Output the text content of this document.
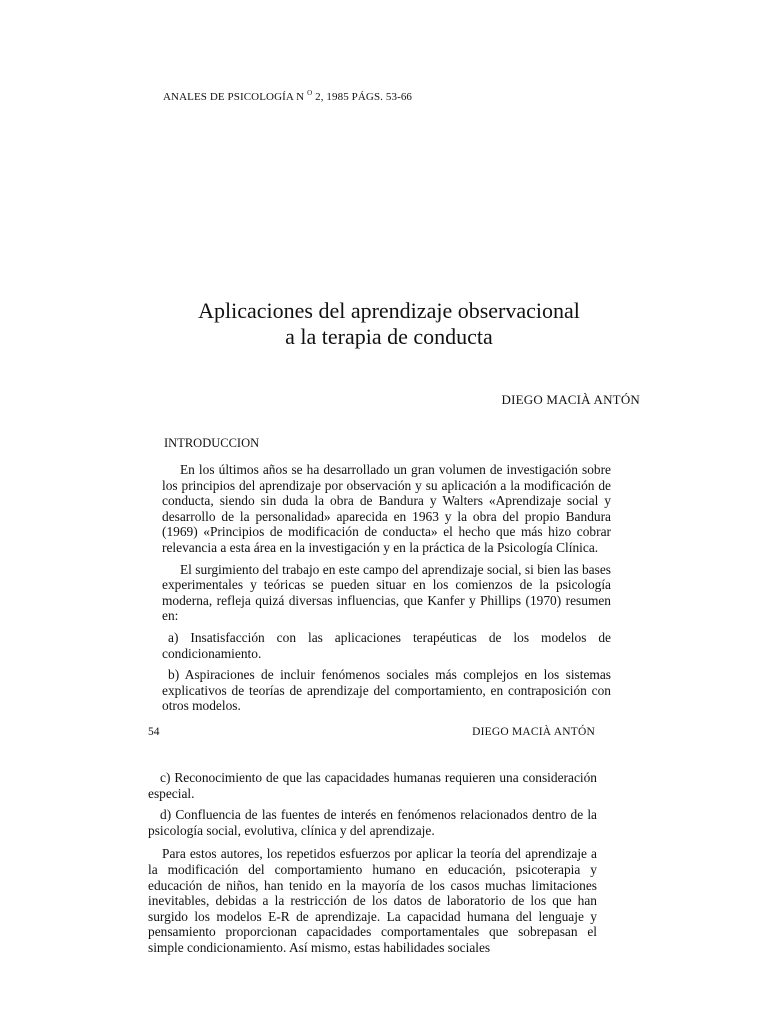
ANALES DE PSICOLOGÍA N $^O$ 2, 1985 PÁGS. 53-66
Aplicaciones del aprendizaje observacional
a la terapia de conducta
DIEGO MACIÀ ANTÓN
INTRODUCCION

En los últimos años se ha desarrollado un gran volumen de investigación sobre los principios del aprendizaje por observación y su aplicación a la modificación de conducta, siendo sin duda la obra de Bandura y Walters «Aprendizaje social y desarrollo de la personalidad» aparecida en 1963 y la obra del propio Bandura (1969) «Principios de modificación de conducta» el hecho que más hizo cobrar relevancia a esta área en la investigación y en la práctica de la Psicología Clínica.

El surgimiento del trabajo en este campo del aprendizaje social, si bien las bases experimentales y teóricas se pueden situar en los comienzos de la psicología moderna, refleja quizá diversas influencias, que Kanfer y Phillips (1970) resumen en:

a) Insatisfacción con las aplicaciones terapéuticas de los modelos de condicionamiento.

b) Aspiraciones de incluir fenómenos sociales más complejos en los sistemas explicativos de teorías de aprendizaje del comportamiento, en contraposición con otros modelos.

54	DIEGO MACIÀ ANTÓN

c) Reconocimiento de que las capacidades humanas requieren una consideración especial.

d) Confluencia de las fuentes de interés en fenómenos relacionados dentro de la psicología social, evolutiva, clínica y del aprendizaje.

Para estos autores, los repetidos esfuerzos por aplicar la teoría del aprendizaje a la modificación del comportamiento humano en educación, psicoterapia y educación de niños, han tenido en la mayoría de los casos muchas limitaciones inevitables, debidas a la restricción de los datos de laboratorio de los que han surgido los modelos E-R de aprendizaje. La capacidad humana del lenguaje y pensamiento proporcionan capacidades comportamentales que sobrepasan el simple condicionamiento. Así mismo, estas habilidades sociales
